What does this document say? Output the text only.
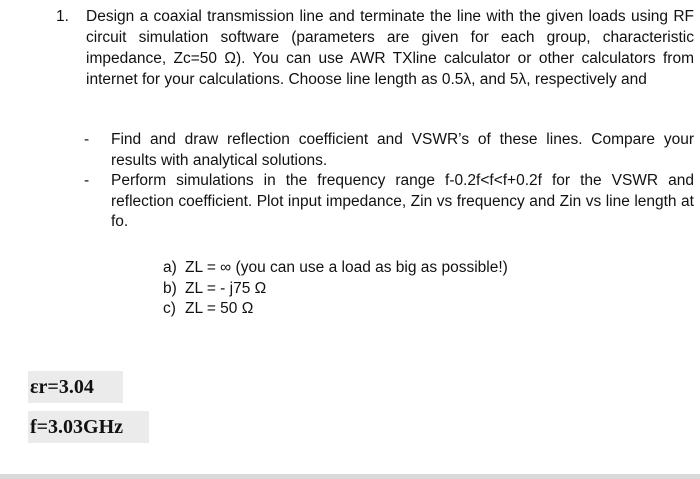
1. Design a coaxial transmission line and terminate the line with the given loads using RF circuit simulation software (parameters are given for each group, characteristic impedance, Zc=50 Ω). You can use AWR TXline calculator or other calculators from internet for your calculations. Choose line length as 0.5λ, and 5λ, respectively and
- Find and draw reflection coefficient and VSWR’s of these lines. Compare your results with analytical solutions.
- Perform simulations in the frequency range f-0.2f<f<f+0.2f for the VSWR and reflection coefficient. Plot input impedance, Zin vs frequency and Zin vs line length at fo.
a) ZL = ∞ (you can use a load as big as possible!)
b) ZL = - j75 Ω
c) ZL = 50 Ω
εr=3.04
f=3.03GHz
